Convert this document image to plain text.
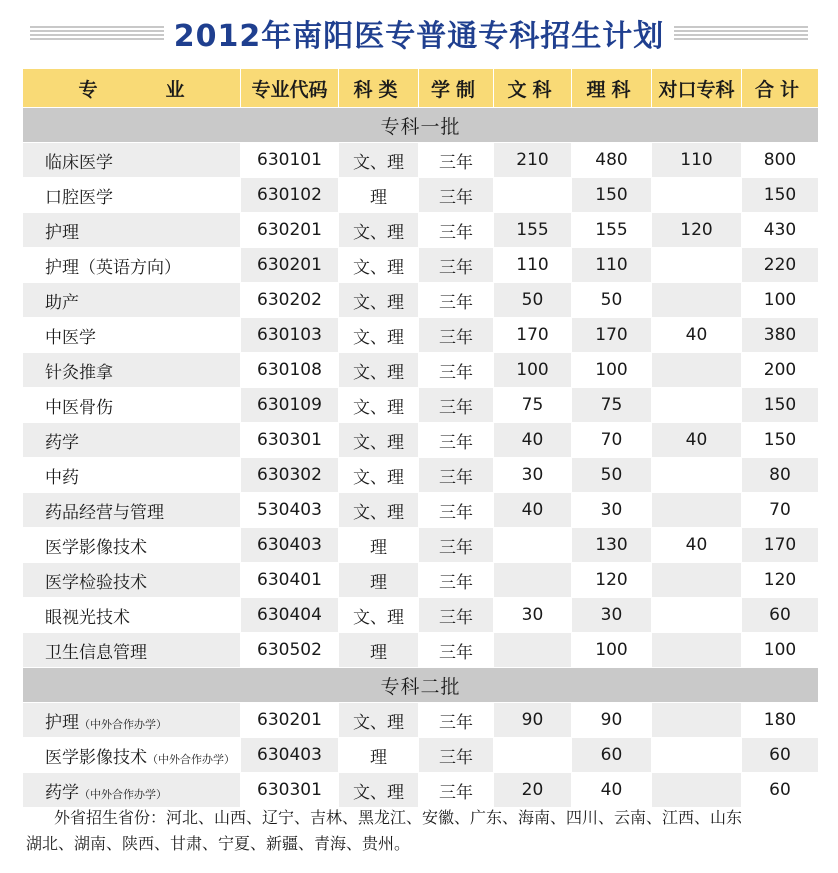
2012年南阳医专普通专科招生计划
专 业	专业代码	科类	学制	文科	理科	对口专科	合计
专科一批							
临床医学	630101	文、理	三年	210	480	110	800
口腔医学	630102	理	三年		150		150
护理	630201	文、理	三年	155	155	120	430
护理（英语方向）	630201	文、理	三年	110	110		220
助产	630202	文、理	三年	50	50		100
中医学	630103	文、理	三年	170	170	40	380
针灸推拿	630108	文、理	三年	100	100		200
中医骨伤	630109	文、理	三年	75	75		150
药学	630301	文、理	三年	40	70	40	150
中药	630302	文、理	三年	30	50		80
药品经营与管理	530403	文、理	三年	40	30		70
医学影像技术	630403	理	三年		130	40	170
医学检验技术	630401	理	三年		120		120
眼视光技术	630404	文、理	三年	30	30		60
卫生信息管理	630502	理	三年		100		100
专科二批							
护理（中外合作办学）	630201	文、理	三年	90	90		180
医学影像技术（中外合作办学）	630403	理	三年		60		60
药学（中外合作办学）	630301	文、理	三年	20	40		60
外省招生省份：河北、山西、辽宁、吉林、黑龙江、安徽、广东、海南、四川、云南、江西、山东
湖北、湖南、陕西、甘肃、宁夏、新疆、青海、贵州。
